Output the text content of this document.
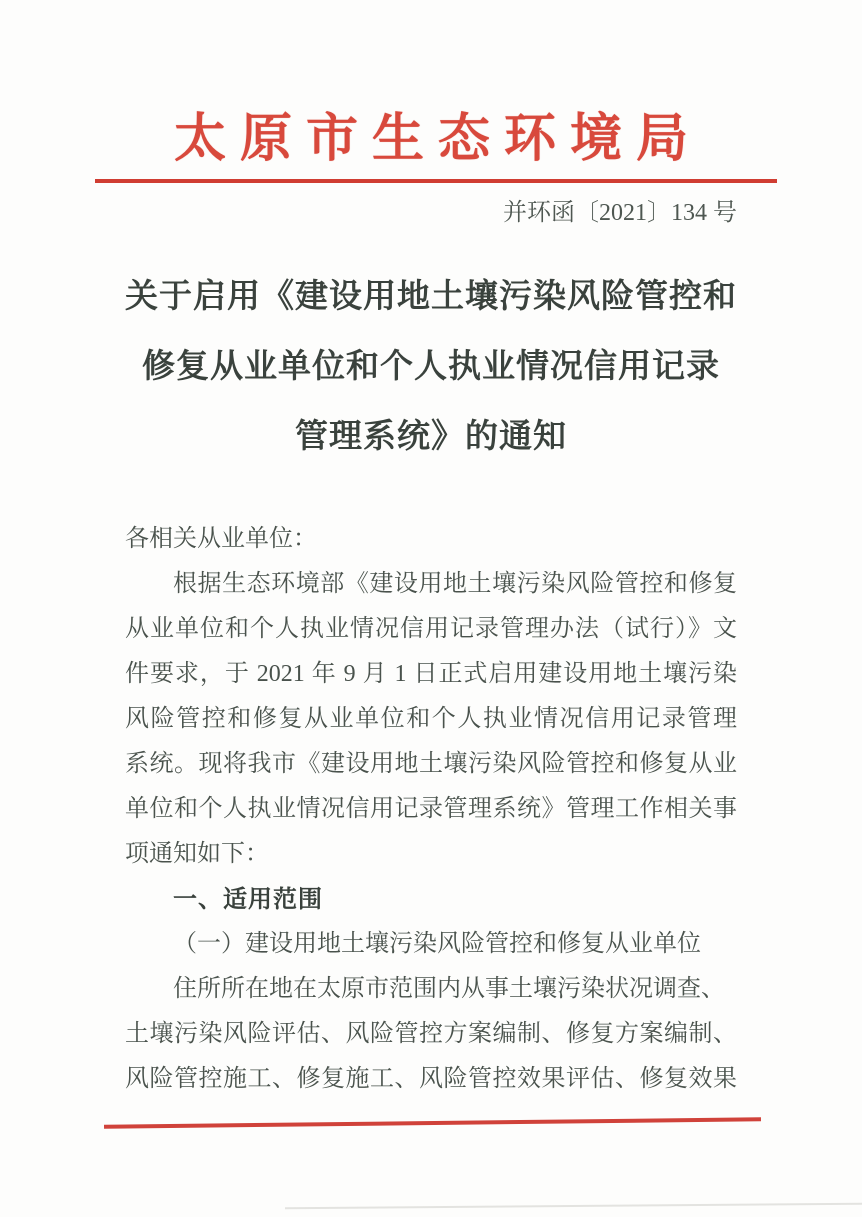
太原市生态环境局
并环函〔2021〕134 号
关于启用《建设用地土壤污染风险管控和
修复从业单位和个人执业情况信用记录
管理系统》的通知
各相关从业单位：
根据生态环境部《建设用地土壤污染风险管控和修复
从业单位和个人执业情况信用记录管理办法（试行）》文
件要求，于 2021 年 9 月 1 日正式启用建设用地土壤污染
风险管控和修复从业单位和个人执业情况信用记录管理
系统。现将我市《建设用地土壤污染风险管控和修复从业
单位和个人执业情况信用记录管理系统》管理工作相关事
项通知如下：
一、适用范围
（一）建设用地土壤污染风险管控和修复从业单位
住所所在地在太原市范围内从事土壤污染状况调查、
土壤污染风险评估、风险管控方案编制、修复方案编制、
风险管控施工、修复施工、风险管控效果评估、修复效果
